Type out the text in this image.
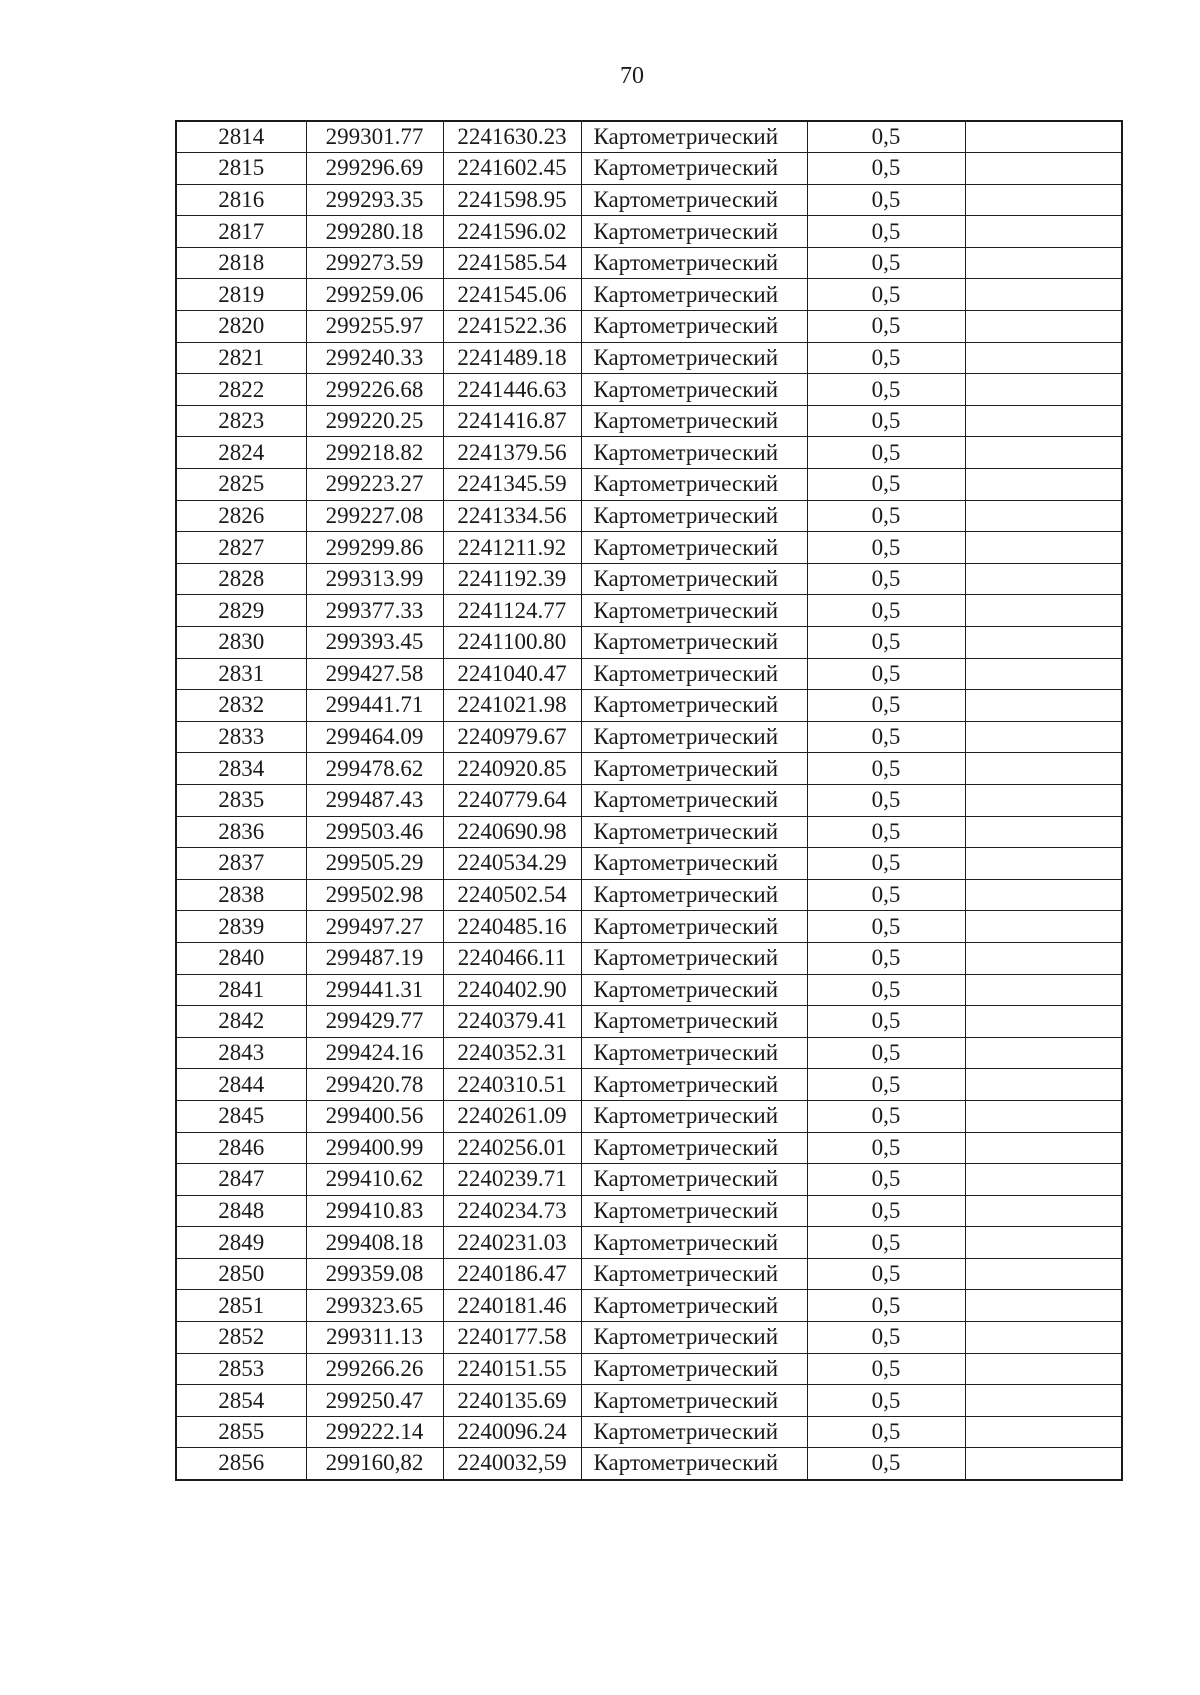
70
2814	299301.77	2241630.23	Картометрический	0,5	
2815	299296.69	2241602.45	Картометрический	0,5	
2816	299293.35	2241598.95	Картометрический	0,5	
2817	299280.18	2241596.02	Картометрический	0,5	
2818	299273.59	2241585.54	Картометрический	0,5	
2819	299259.06	2241545.06	Картометрический	0,5	
2820	299255.97	2241522.36	Картометрический	0,5	
2821	299240.33	2241489.18	Картометрический	0,5	
2822	299226.68	2241446.63	Картометрический	0,5	
2823	299220.25	2241416.87	Картометрический	0,5	
2824	299218.82	2241379.56	Картометрический	0,5	
2825	299223.27	2241345.59	Картометрический	0,5	
2826	299227.08	2241334.56	Картометрический	0,5	
2827	299299.86	2241211.92	Картометрический	0,5	
2828	299313.99	2241192.39	Картометрический	0,5	
2829	299377.33	2241124.77	Картометрический	0,5	
2830	299393.45	2241100.80	Картометрический	0,5	
2831	299427.58	2241040.47	Картометрический	0,5	
2832	299441.71	2241021.98	Картометрический	0,5	
2833	299464.09	2240979.67	Картометрический	0,5	
2834	299478.62	2240920.85	Картометрический	0,5	
2835	299487.43	2240779.64	Картометрический	0,5	
2836	299503.46	2240690.98	Картометрический	0,5	
2837	299505.29	2240534.29	Картометрический	0,5	
2838	299502.98	2240502.54	Картометрический	0,5	
2839	299497.27	2240485.16	Картометрический	0,5	
2840	299487.19	2240466.11	Картометрический	0,5	
2841	299441.31	2240402.90	Картометрический	0,5	
2842	299429.77	2240379.41	Картометрический	0,5	
2843	299424.16	2240352.31	Картометрический	0,5	
2844	299420.78	2240310.51	Картометрический	0,5	
2845	299400.56	2240261.09	Картометрический	0,5	
2846	299400.99	2240256.01	Картометрический	0,5	
2847	299410.62	2240239.71	Картометрический	0,5	
2848	299410.83	2240234.73	Картометрический	0,5	
2849	299408.18	2240231.03	Картометрический	0,5	
2850	299359.08	2240186.47	Картометрический	0,5	
2851	299323.65	2240181.46	Картометрический	0,5	
2852	299311.13	2240177.58	Картометрический	0,5	
2853	299266.26	2240151.55	Картометрический	0,5	
2854	299250.47	2240135.69	Картометрический	0,5	
2855	299222.14	2240096.24	Картометрический	0,5	
2856	299160,82	2240032,59	Картометрический	0,5	
